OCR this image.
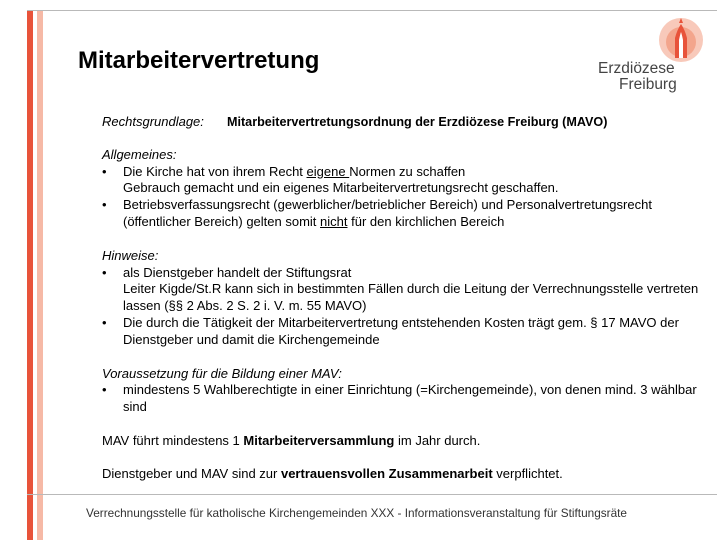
Mitarbeitervertretung	Erzdiözese
Freiburg
Rechtsgrundlage:	Mitarbeitervertretungsordnung der Erzdiözese Freiburg (MAVO)
Allgemeines:
• Die Kirche hat von ihrem Recht eigene Normen zu schaffen
Gebrauch gemacht und ein eigenes Mitarbeitervertretungsrecht geschaffen.
• Betriebsverfassungsrecht (gewerblicher/betrieblicher Bereich) und Personalvertretungsrecht (öffentlicher Bereich) gelten somit nicht für den kirchlichen Bereich
Hinweise:
• als Dienstgeber handelt der Stiftungsrat
Leiter Kigde/St.R kann sich in bestimmten Fällen durch die Leitung der Verrechnungsstelle vertreten lassen (§§ 2 Abs. 2 S. 2 i. V. m. 55 MAVO)
• Die durch die Tätigkeit der Mitarbeitervertretung entstehenden Kosten trägt gem. § 17 MAVO der Dienstgeber und damit die Kirchengemeinde
Voraussetzung für die Bildung einer MAV:
• mindestens 5 Wahlberechtigte in einer Einrichtung (=Kirchengemeinde), von denen mind. 3 wählbar sind
MAV führt mindestens 1 Mitarbeiterversammlung im Jahr durch.
Dienstgeber und MAV sind zur vertrauensvollen Zusammenarbeit verpflichtet.
Verrechnungsstelle für katholische Kirchengemeinden XXX - Informationsveranstaltung für Stiftungsräte
